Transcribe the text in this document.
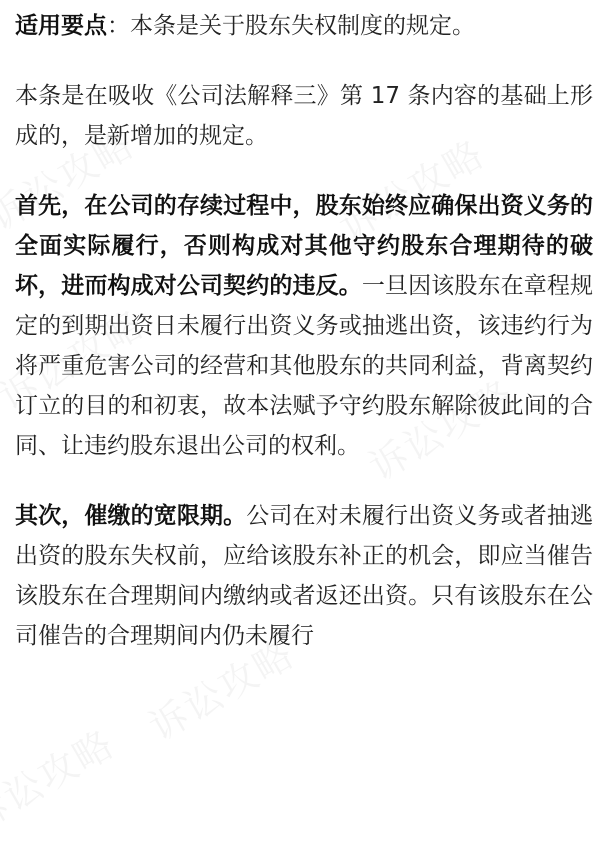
适用要点：本条是关于股东失权制度的规定。

本条是在吸收《公司法解释三》第 17 条内容的基础上形成的，是新增加的规定。

首先，在公司的存续过程中，股东始终应确保出资义务的全面实际履行，否则构成对其他守约股东合理期待的破坏，进而构成对公司契约的违反。一旦因该股东在章程规定的到期出资日未履行出资义务或抽逃出资，该违约行为将严重危害公司的经营和其他股东的共同利益，背离契约订立的目的和初衷，故本法赋予守约股东解除彼此间的合同、让违约股东退出公司的权利。

其次，催缴的宽限期。公司在对未履行出资义务或者抽逃出资的股东失权前，应给该股东补正的机会，即应当催告该股东在合理期间内缴纳或者返还出资。只有该股东在公司催告的合理期间内仍未履行
